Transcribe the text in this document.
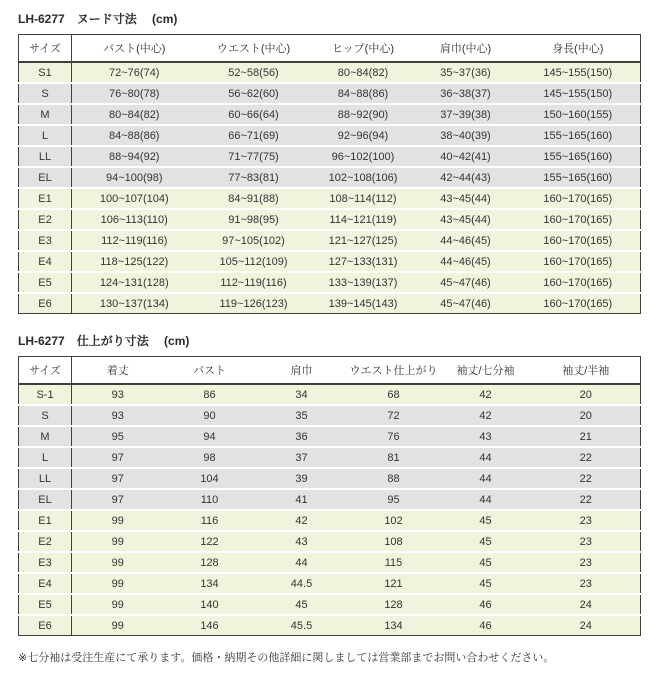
LH-6277　ヌード寸法　 (cm)
サイズ	バスト(中心)	ウエスト(中心)	ヒップ(中心)	肩巾(中心)	身長(中心)
S1	72~76(74)	52~58(56)	80~84(82)	35~37(36)	145~155(150)
S	76~80(78)	56~62(60)	84~88(86)	36~38(37)	145~155(150)
M	80~84(82)	60~66(64)	88~92(90)	37~39(38)	150~160(155)
L	84~88(86)	66~71(69)	92~96(94)	38~40(39)	155~165(160)
LL	88~94(92)	71~77(75)	96~102(100)	40~42(41)	155~165(160)
EL	94~100(98)	77~83(81)	102~108(106)	42~44(43)	155~165(160)
E1	100~107(104)	84~91(88)	108~114(112)	43~45(44)	160~170(165)
E2	106~113(110)	91~98(95)	114~121(119)	43~45(44)	160~170(165)
E3	112~119(116)	97~105(102)	121~127(125)	44~46(45)	160~170(165)
E4	118~125(122)	105~112(109)	127~133(131)	44~46(45)	160~170(165)
E5	124~131(128)	112~119(116)	133~139(137)	45~47(46)	160~170(165)
E6	130~137(134)	119~126(123)	139~145(143)	45~47(46)	160~170(165)
LH-6277　仕上がり寸法　 (cm)
サイズ	着丈	バスト	肩巾	ウエスト仕上がり	袖丈/七分袖	袖丈/半袖
S-1	93	86	34	68	42	20
S	93	90	35	72	42	20
M	95	94	36	76	43	21
L	97	98	37	81	44	22
LL	97	104	39	88	44	22
EL	97	110	41	95	44	22
E1	99	116	42	102	45	23
E2	99	122	43	108	45	23
E3	99	128	44	115	45	23
E4	99	134	44.5	121	45	23
E5	99	140	45	128	46	24
E6	99	146	45.5	134	46	24

※七分袖は受注生産にて承ります。価格・納期その他詳細に関しましては営業部までお問い合わせください。
